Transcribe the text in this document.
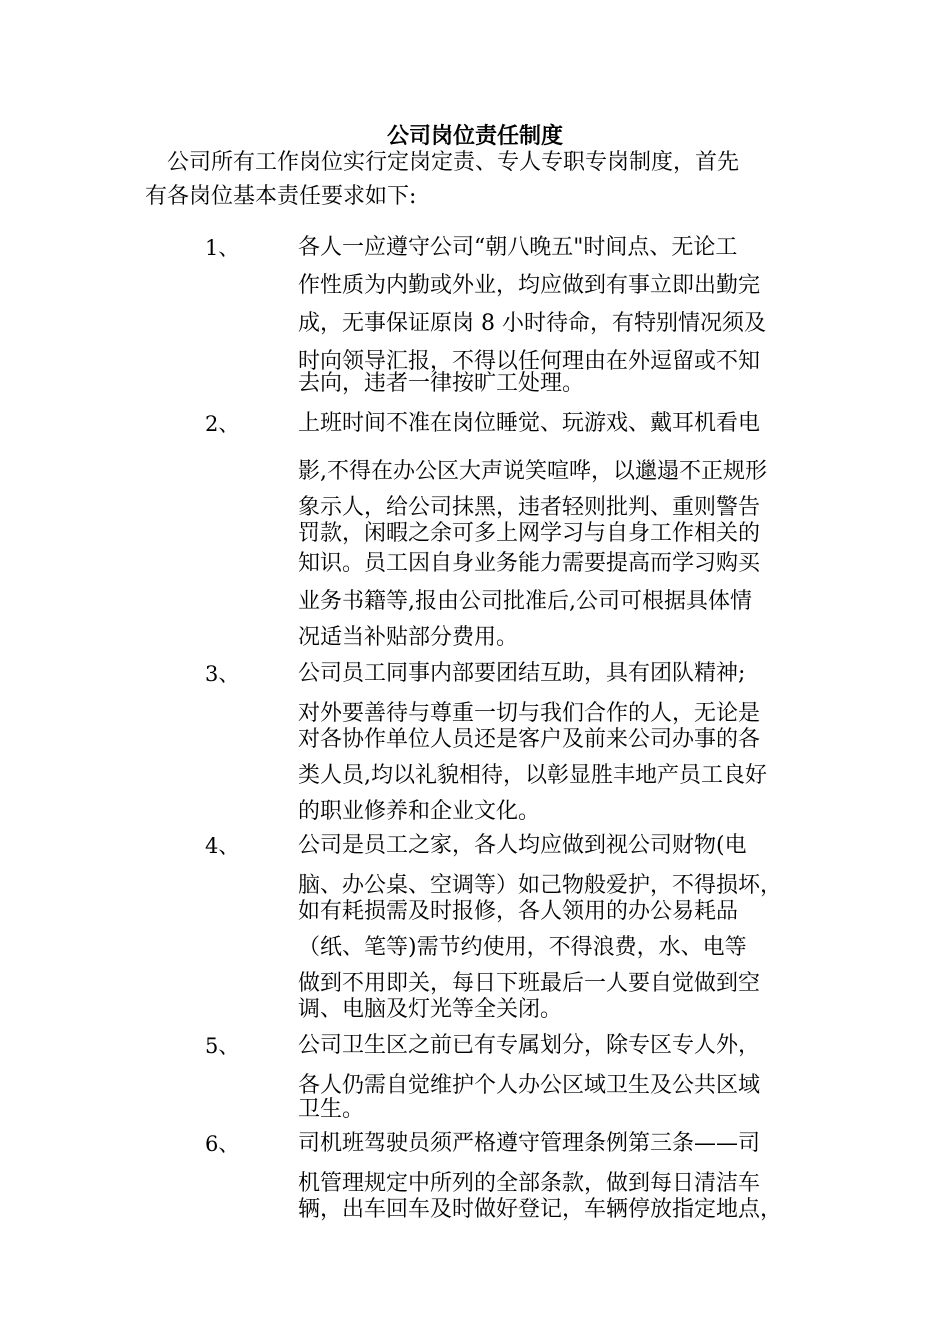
公司岗位责任制度
公司所有工作岗位实行定岗定责、专人专职专岗制度，首先
有各岗位基本责任要求如下:
1、	各人一应遵守公司“朝八晚五"时间点、无论工
作性质为内勤或外业，均应做到有事立即出勤完
成，无事保证原岗 8 小时待命，有特别情况须及
时向领导汇报，不得以任何理由在外逗留或不知
去向，违者一律按旷工处理。
2、	上班时间不准在岗位睡觉、玩游戏、戴耳机看电
影,不得在办公区大声说笑喧哗，以邋遢不正规形
象示人，给公司抹黑，违者轻则批判、重则警告
罚款，闲暇之余可多上网学习与自身工作相关的
知识。员工因自身业务能力需要提高而学习购买
业务书籍等,报由公司批准后,公司可根据具体情
况适当补贴部分费用。
3、	公司员工同事内部要团结互助，具有团队精神;
对外要善待与尊重一切与我们合作的人，无论是
对各协作单位人员还是客户及前来公司办事的各
类人员,均以礼貌相待，以彰显胜丰地产员工良好
的职业修养和企业文化。
4、	公司是员工之家，各人均应做到视公司财物(电
脑、办公桌、空调等）如己物般爱护，不得损坏，
如有耗损需及时报修，各人领用的办公易耗品
（纸、笔等)需节约使用，不得浪费，水、电等
做到不用即关，每日下班最后一人要自觉做到空
调、电脑及灯光等全关闭。
5、	公司卫生区之前已有专属划分，除专区专人外，
各人仍需自觉维护个人办公区域卫生及公共区域
卫生。
6、	司机班驾驶员须严格遵守管理条例第三条——司
机管理规定中所列的全部条款，做到每日清洁车
辆，出车回车及时做好登记，车辆停放指定地点，
